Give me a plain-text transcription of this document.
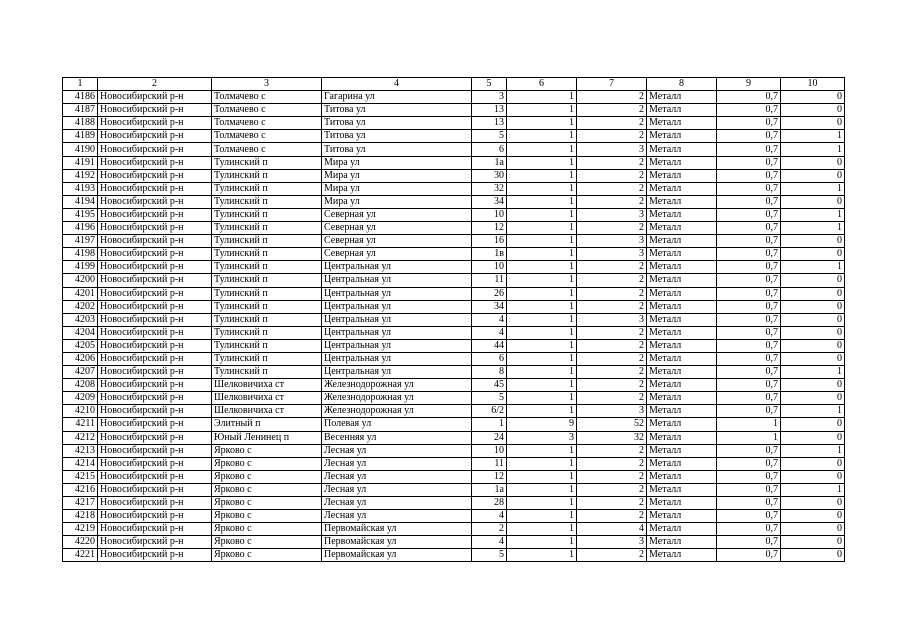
1	2	3	4	5	6	7	8	9	10
4186	Новосибирский р-н	Толмачево с	Гагарина ул	3	1	2	Металл	0,7	0
4187	Новосибирский р-н	Толмачево с	Титова ул	13	1	2	Металл	0,7	0
4188	Новосибирский р-н	Толмачево с	Титова ул	13	1	2	Металл	0,7	0
4189	Новосибирский р-н	Толмачево с	Титова ул	5	1	2	Металл	0,7	1
4190	Новосибирский р-н	Толмачево с	Титова ул	6	1	3	Металл	0,7	1
4191	Новосибирский р-н	Тулинский п	Мира ул	1а	1	2	Металл	0,7	0
4192	Новосибирский р-н	Тулинский п	Мира ул	30	1	2	Металл	0,7	0
4193	Новосибирский р-н	Тулинский п	Мира ул	32	1	2	Металл	0,7	1
4194	Новосибирский р-н	Тулинский п	Мира ул	34	1	2	Металл	0,7	0
4195	Новосибирский р-н	Тулинский п	Северная ул	10	1	3	Металл	0,7	1
4196	Новосибирский р-н	Тулинский п	Северная ул	12	1	2	Металл	0,7	1
4197	Новосибирский р-н	Тулинский п	Северная ул	16	1	3	Металл	0,7	0
4198	Новосибирский р-н	Тулинский п	Северная ул	1в	1	3	Металл	0,7	0
4199	Новосибирский р-н	Тулинский п	Центральная ул	10	1	2	Металл	0,7	1
4200	Новосибирский р-н	Тулинский п	Центральная ул	11	1	2	Металл	0,7	0
4201	Новосибирский р-н	Тулинский п	Центральная ул	26	1	2	Металл	0,7	0
4202	Новосибирский р-н	Тулинский п	Центральная ул	34	1	2	Металл	0,7	0
4203	Новосибирский р-н	Тулинский п	Центральная ул	4	1	3	Металл	0,7	0
4204	Новосибирский р-н	Тулинский п	Центральная ул	4	1	2	Металл	0,7	0
4205	Новосибирский р-н	Тулинский п	Центральная ул	44	1	2	Металл	0,7	0
4206	Новосибирский р-н	Тулинский п	Центральная ул	6	1	2	Металл	0,7	0
4207	Новосибирский р-н	Тулинский п	Центральная ул	8	1	2	Металл	0,7	1
4208	Новосибирский р-н	Шелковичиха ст	Железнодорожная ул	45	1	2	Металл	0,7	0
4209	Новосибирский р-н	Шелковичиха ст	Железнодорожная ул	5	1	2	Металл	0,7	0
4210	Новосибирский р-н	Шелковичиха ст	Железнодорожная ул	6/2	1	3	Металл	0,7	1
4211	Новосибирский р-н	Элитный п	Полевая ул	1	9	52	Металл	1	0
4212	Новосибирский р-н	Юный Ленинец п	Весенняя ул	24	3	32	Металл	1	0
4213	Новосибирский р-н	Ярково с	Лесная ул	10	1	2	Металл	0,7	1
4214	Новосибирский р-н	Ярково с	Лесная ул	11	1	2	Металл	0,7	0
4215	Новосибирский р-н	Ярково с	Лесная ул	12	1	2	Металл	0,7	0
4216	Новосибирский р-н	Ярково с	Лесная ул	1а	1	2	Металл	0,7	1
4217	Новосибирский р-н	Ярково с	Лесная ул	28	1	2	Металл	0,7	0
4218	Новосибирский р-н	Ярково с	Лесная ул	4	1	2	Металл	0,7	0
4219	Новосибирский р-н	Ярково с	Первомайская ул	2	1	4	Металл	0,7	0
4220	Новосибирский р-н	Ярково с	Первомайская ул	4	1	3	Металл	0,7	0
4221	Новосибирский р-н	Ярково с	Первомайская ул	5	1	2	Металл	0,7	0
